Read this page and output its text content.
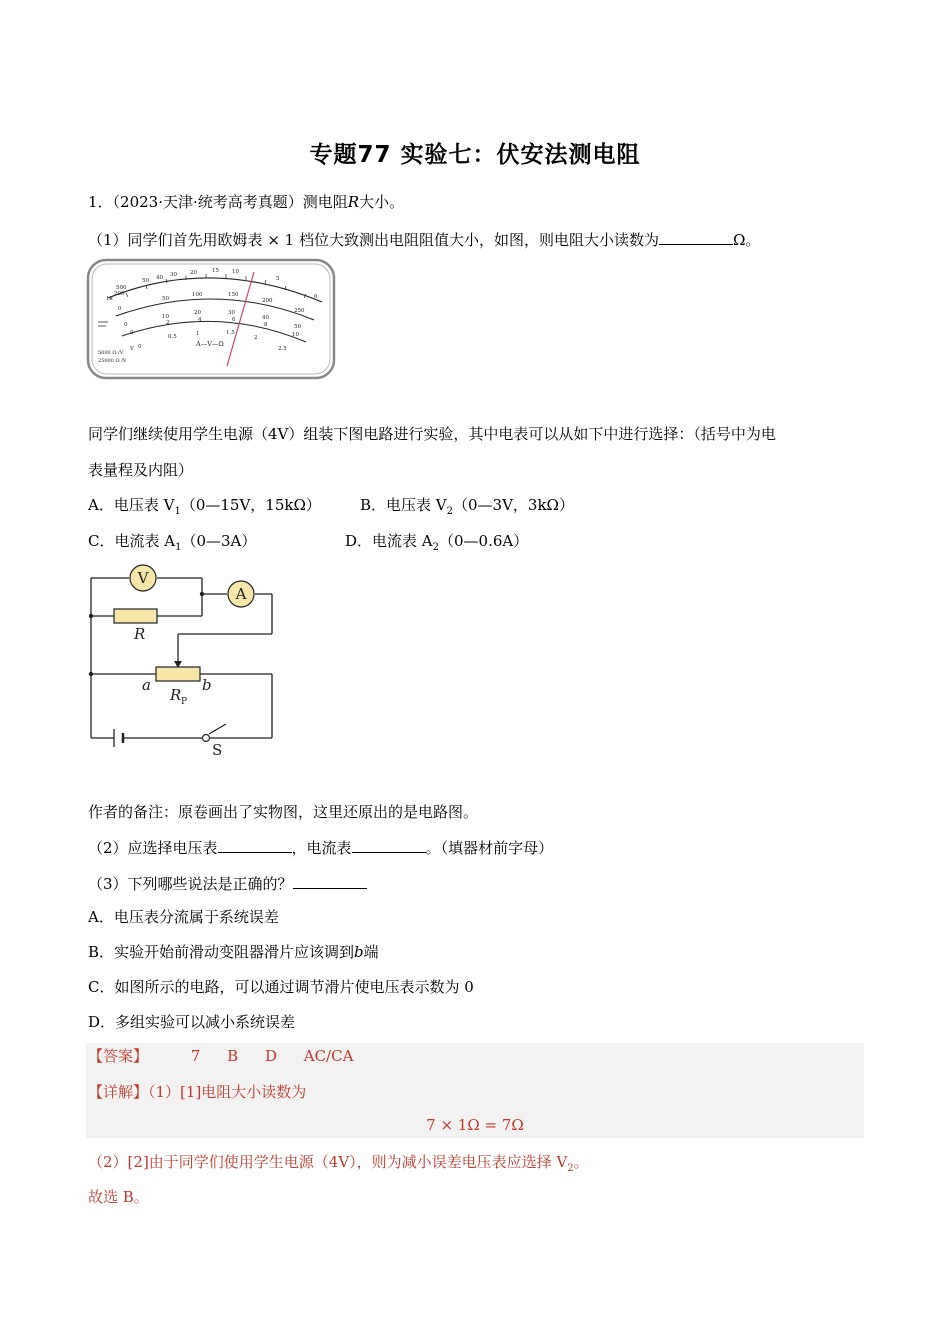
专题77 实验七：伏安法测电阻
1．（2023·天津·统考高考真题）测电阻R大小。
（1）同学们首先用欧姆表 × 1 档位大致测出电阻阻值大小，如图，则电阻大小读数为	Ω。
500
200
1k
50 40 30 20	15 10
5
0
0
50
100	150
200
250
0
10
20	30
40
50
0
2	4	6
8
10
0
0.5	1	1.5
2
2.5
A—V—Ω
5000 Ω /V
25000 Ω /V
V
同学们继续使用学生电源（4V）组装下图电路进行实验，其中电表可以从如下中进行选择：（括号中为电
表量程及内阻）
A．电压表 $V_1(0—15V$，15kΩ）	B．电压表 $V_2(0—3V$，3kΩ）
C．电流表 $A_1(0—3A)$	D．电流表 $A_2(0—0.6A)$
V
A
R
a	b
R P
S
作者的备注：原卷画出了实物图，这里还原出的是电路图。
（2）应选择电压表	，电流表	。（填器材前字母）
（3）下列哪些说法是正确的？
A．电压表分流属于系统误差
B．实验开始前滑动变阻器滑片应该调到b端
C．如图所示的电路，可以通过调节滑片使电压表示数为 0
D．多组实验可以减小系统误差
【答案】	7 B D AC/CA
【详解】（1）[1]电阻大小读数为
7 × 1Ω = 7Ω
（2）[2]由于同学们使用学生电源（4V），则为减小误差电压表应选择 $V_2$。
故选 B。
